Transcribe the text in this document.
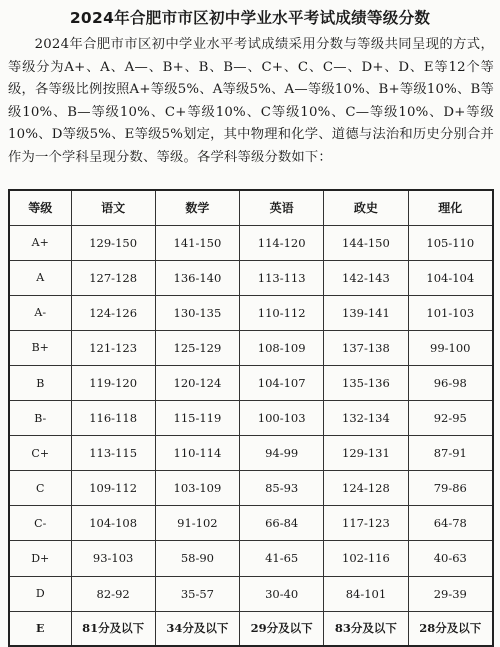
2024年合肥市市区初中学业水平考试成绩等级分数

2024年合肥市市区初中学业水平考试成绩采用分数与等级共同呈现的方式，等级分为A+、A、A—、B+、B、B—、C+、C、C—、D+、D、E等12个等级，各等级比例按照A+等级5%、A等级5%、A—等级10%、B+等级10%、B等级10%、B—等级10%、C+等级10%、C等级10%、C—等级10%、D+等级10%、D等级5%、E等级5%划定，其中物理和化学、道德与法治和历史分别合并作为一个学科呈现分数、等级。各学科等级分数如下：

等级	语文	数学	英语	政史	理化
A+	129-150	141-150	114-120	144-150	105-110
A	127-128	136-140	113-113	142-143	104-104
A-	124-126	130-135	110-112	139-141	101-103
B+	121-123	125-129	108-109	137-138	99-100
B	119-120	120-124	104-107	135-136	96-98
B-	116-118	115-119	100-103	132-134	92-95
C+	113-115	110-114	94-99	129-131	87-91
C	109-112	103-109	85-93	124-128	79-86
C-	104-108	91-102	66-84	117-123	64-78
D+	93-103	58-90	41-65	102-116	40-63
D	82-92	35-57	30-40	84-101	29-39
E	81分及以下	34分及以下	29分及以下	83分及以下	28分及以下
